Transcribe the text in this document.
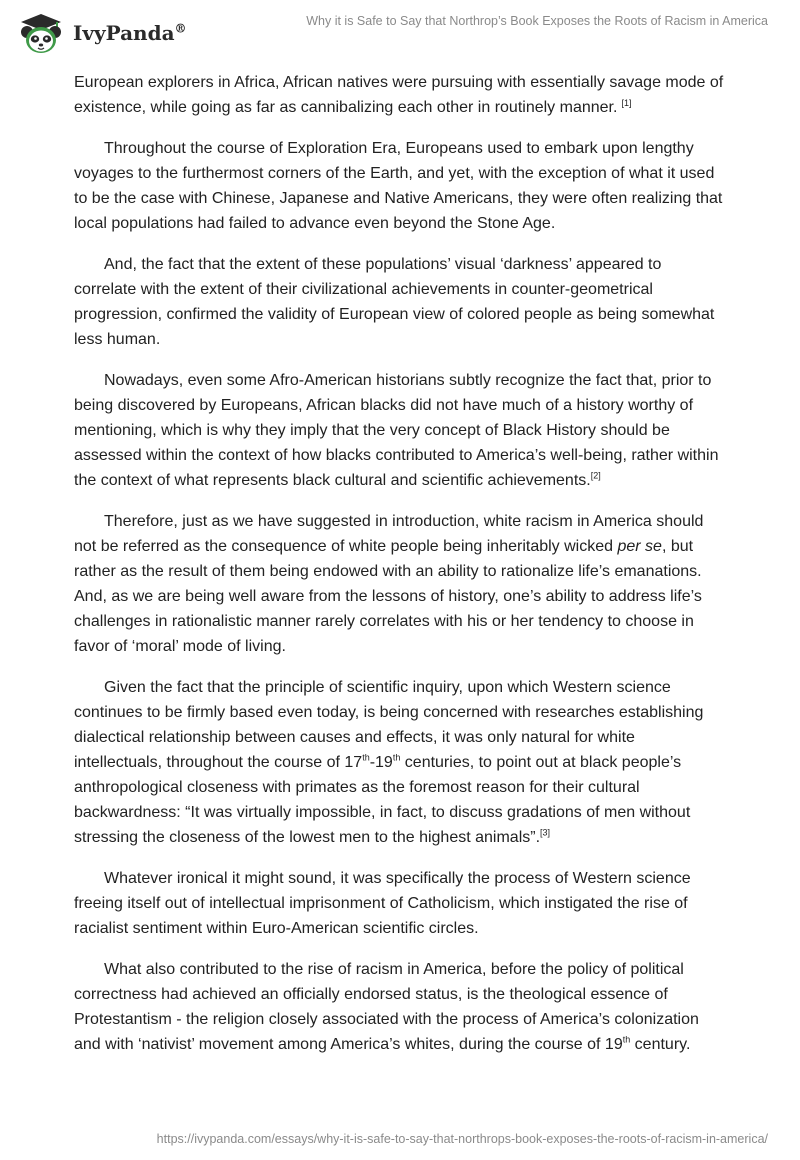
IvyPanda®
Why it is Safe to Say that Northrop’s Book Exposes the Roots of Racism in America

European explorers in Africa, African natives were pursuing with essentially savage mode of existence, while going as far as cannibalizing each other in routinely manner. [1]

Throughout the course of Exploration Era, Europeans used to embark upon lengthy voyages to the furthermost corners of the Earth, and yet, with the exception of what it used to be the case with Chinese, Japanese and Native Americans, they were often realizing that local populations had failed to advance even beyond the Stone Age.

And, the fact that the extent of these populations’ visual ‘darkness’ appeared to correlate with the extent of their civilizational achievements in counter-geometrical progression, confirmed the validity of European view of colored people as being somewhat less human.

Nowadays, even some Afro-American historians subtly recognize the fact that, prior to being discovered by Europeans, African blacks did not have much of a history worthy of mentioning, which is why they imply that the very concept of Black History should be assessed within the context of how blacks contributed to America’s well-being, rather within the context of what represents black cultural and scientific achievements.[2]

Therefore, just as we have suggested in introduction, white racism in America should not be referred as the consequence of white people being inheritably wicked per se, but rather as the result of them being endowed with an ability to rationalize life’s emanations. And, as we are being well aware from the lessons of history, one’s ability to address life’s challenges in rationalistic manner rarely correlates with his or her tendency to choose in favor of ‘moral’ mode of living.

Given the fact that the principle of scientific inquiry, upon which Western science continues to be firmly based even today, is being concerned with researches establishing dialectical relationship between causes and effects, it was only natural for white intellectuals, throughout the course of 17th-19th centuries, to point out at black people’s anthropological closeness with primates as the foremost reason for their cultural backwardness: “It was virtually impossible, in fact, to discuss gradations of men without stressing the closeness of the lowest men to the highest animals”.[3]

Whatever ironical it might sound, it was specifically the process of Western science freeing itself out of intellectual imprisonment of Catholicism, which instigated the rise of racialist sentiment within Euro-American scientific circles.

What also contributed to the rise of racism in America, before the policy of political correctness had achieved an officially endorsed status, is the theological essence of Protestantism - the religion closely associated with the process of America’s colonization and with ‘nativist’ movement among America’s whites, during the course of 19th century.

https://ivypanda.com/essays/why-it-is-safe-to-say-that-northrops-book-exposes-the-roots-of-racism-in-america/
